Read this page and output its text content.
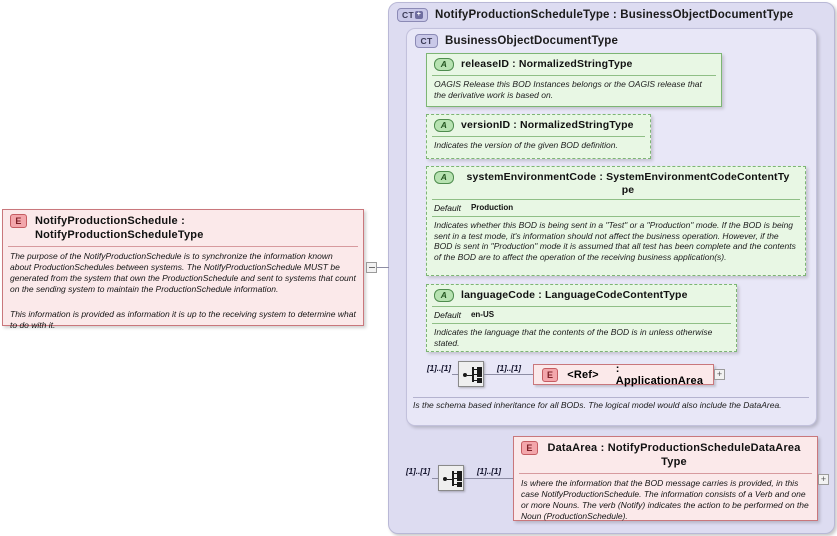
CT + NotifyProductionScheduleType : BusinessObjectDocumentType
CT BusinessObjectDocumentType
Is the schema based inheritance for all BODs. The logical model would also include the DataArea.
A releaseID : NormalizedStringType
OAGIS Release this BOD Instances belongs or the OAGIS release that the derivative work is based on.
A versionID : NormalizedStringType
Indicates the version of the given BOD definition.
A	systemEnvironmentCode : SystemEnvironmentCodeContentTy pe
Default Production
Indicates whether this BOD is being sent in a "Test" or a "Production" mode. If the BOD is being sent in a test mode, it's information should not affect the business operation. However, if the BOD is sent in "Production" mode it is assumed that all test has been complete and the contents of the BOD are to affect the operation of the receiving business application(s).
A languageCode : LanguageCodeContentType
Default en-US
Indicates the language that the contents of the BOD is in unless otherwise stated.
[1]..[1]	[1]..[1]
E <Ref> : ApplicationArea
+
[1]..[1]	[1]..[1]
E DataArea : NotifyProductionScheduleDataArea
Type
Is where the information that the BOD message carries is provided, in this case NotifyProductionSchedule. The information consists of a Verb and one or more Nouns. The verb (Notify) indicates the action to be performed on the Noun (ProductionSchedule).
+
E NotifyProductionSchedule : NotifyProductionScheduleType
The purpose of the NotifyProductionSchedule is to synchronize the information known about ProductionSchedules between systems. The NotifyProductionSchedule MUST be generated from the system that own the ProductionSchedule and sent to systems that count on the sending system to maintain the ProductionSchedule information.
This information is provided as information it is up to the receiving system to determine what to do with it.
